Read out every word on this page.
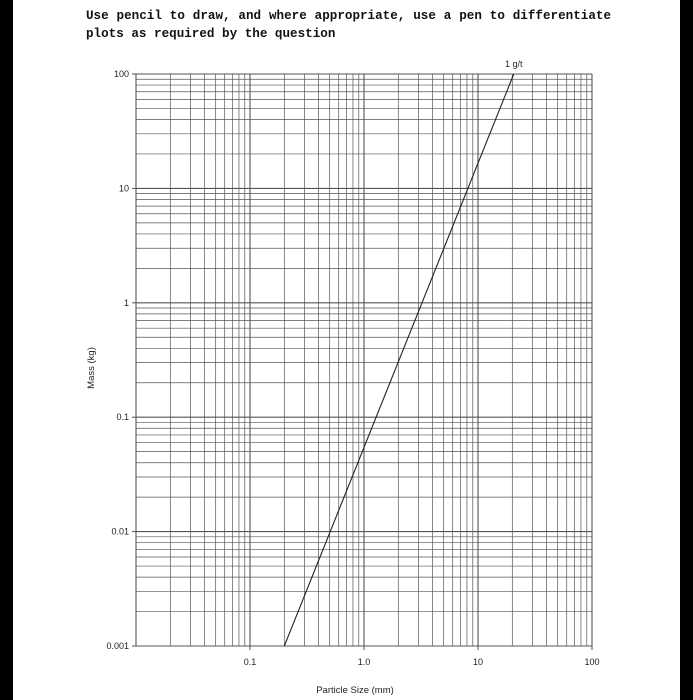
Use pencil to draw, and where appropriate, use a pen to differentiate plots as required by the question

100
10
1
0.1
0.01
0.001
0.1	1.0	10	100
1 g/t
Particle Size (mm)
Mass (kg)
